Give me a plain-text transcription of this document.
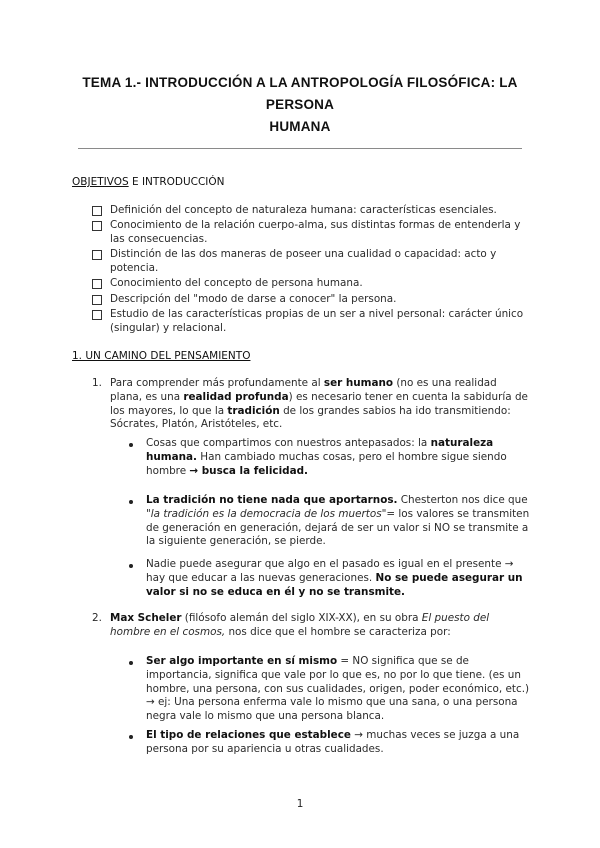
TEMA 1.- INTRODUCCIÓN A LA ANTROPOLOGÍA FILOSÓFICA: LA PERSONA
HUMANA
OBJETIVOS E INTRODUCCIÓN
Definición del concepto de naturaleza humana: características esenciales.
Conocimiento de la relación cuerpo-alma, sus distintas formas de entenderla y las consecuencias.
Distinción de las dos maneras de poseer una cualidad o capacidad: acto y potencia.
Conocimiento del concepto de persona humana.
Descripción del "modo de darse a conocer" la persona.
Estudio de las características propias de un ser a nivel personal: carácter único (singular) y relacional.
1. UN CAMINO DEL PENSAMIENTO
1. Para comprender más profundamente al ser humano (no es una realidad plana, es una realidad profunda) es necesario tener en cuenta la sabiduría de los mayores, lo que la tradición de los grandes sabios ha ido transmitiendo: Sócrates, Platón, Aristóteles, etc.
Cosas que compartimos con nuestros antepasados: la naturaleza humana. Han cambiado muchas cosas, pero el hombre sigue siendo hombre → busca la felicidad.
La tradición no tiene nada que aportarnos. Chesterton nos dice que "la tradición es la democracia de los muertos"= los valores se transmiten de generación en generación, dejará de ser un valor si NO se transmite a la siguiente generación, se pierde.
Nadie puede asegurar que algo en el pasado es igual en el presente → hay que educar a las nuevas generaciones. No se puede asegurar un valor si no se educa en él y no se transmite.
2. Max Scheler (filósofo alemán del siglo XIX-XX), en su obra El puesto del hombre en el cosmos, nos dice que el hombre se caracteriza por:
Ser algo importante en sí mismo = NO significa que se de importancia, significa que vale por lo que es, no por lo que tiene. (es un hombre, una persona, con sus cualidades, origen, poder económico, etc.) → ej: Una persona enferma vale lo mismo que una sana, o una persona negra vale lo mismo que una persona blanca.
El tipo de relaciones que establece → muchas veces se juzga a una persona por su apariencia u otras cualidades.
1
